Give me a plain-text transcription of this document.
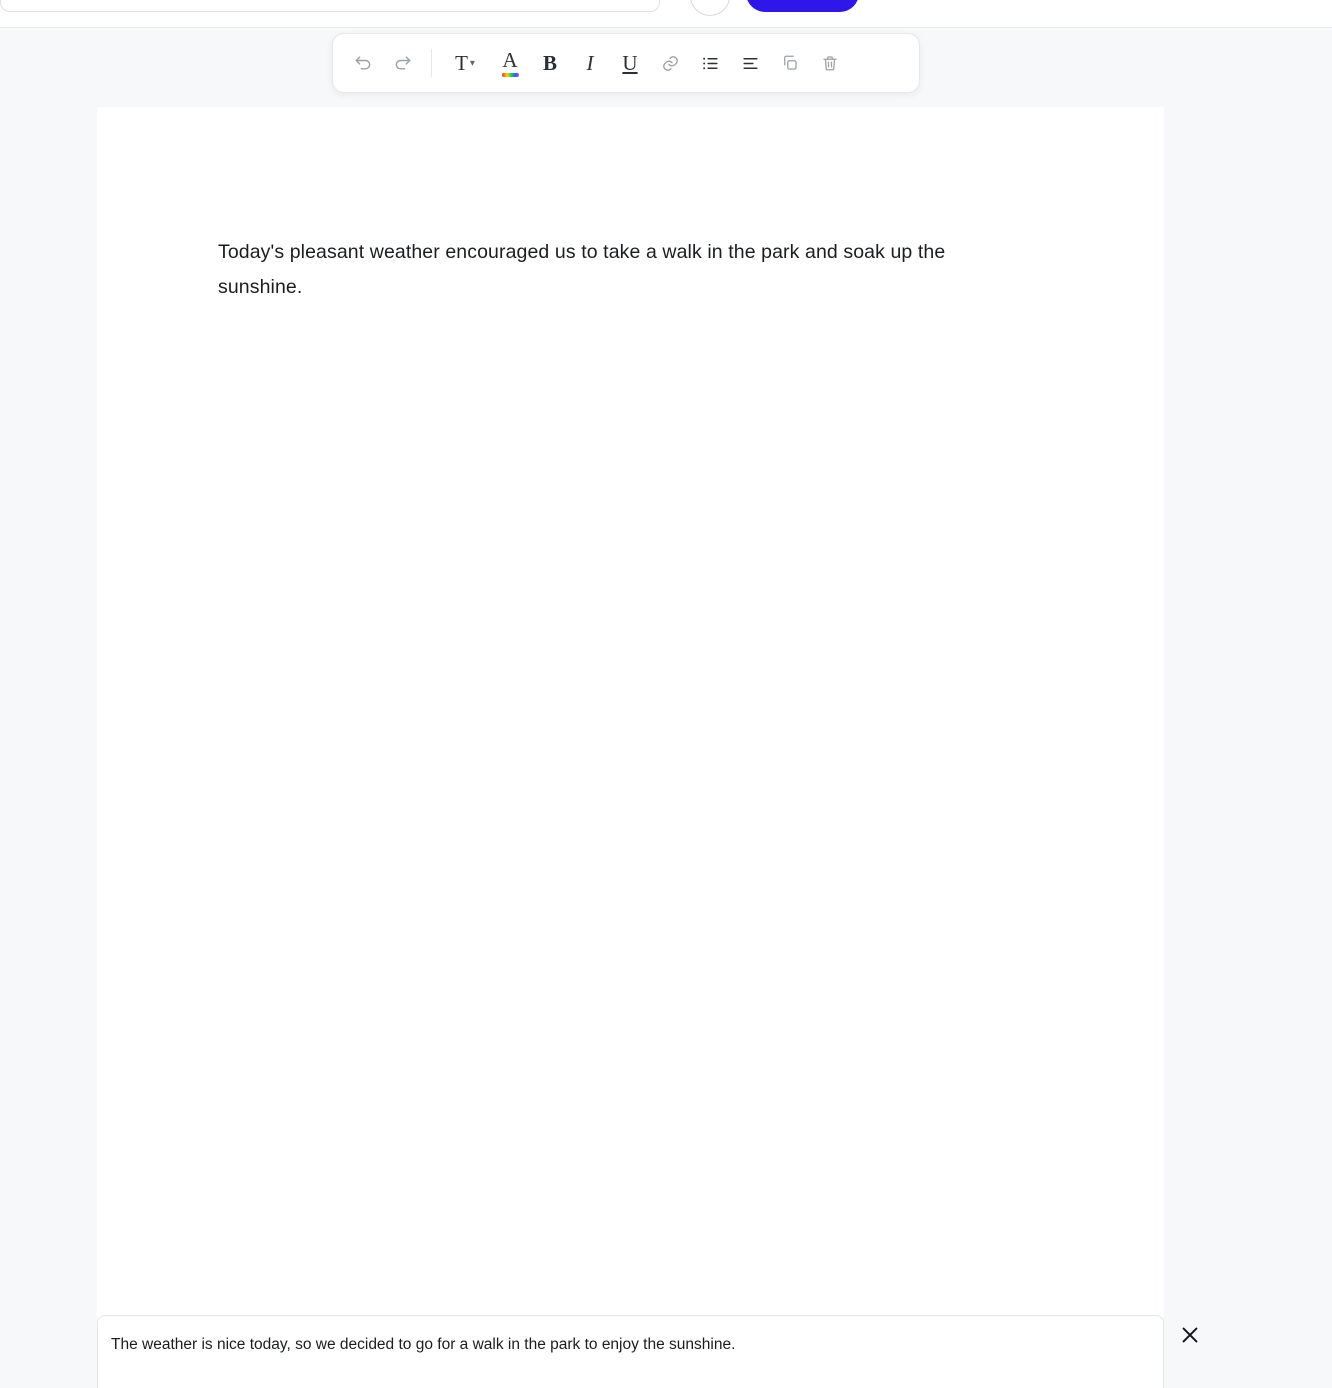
T ▾ A B I U
Today's pleasant weather encouraged us to take a walk in the park and soak up the sunshine.
The weather is nice today, so we decided to go for a walk in the park to enjoy the sunshine.
